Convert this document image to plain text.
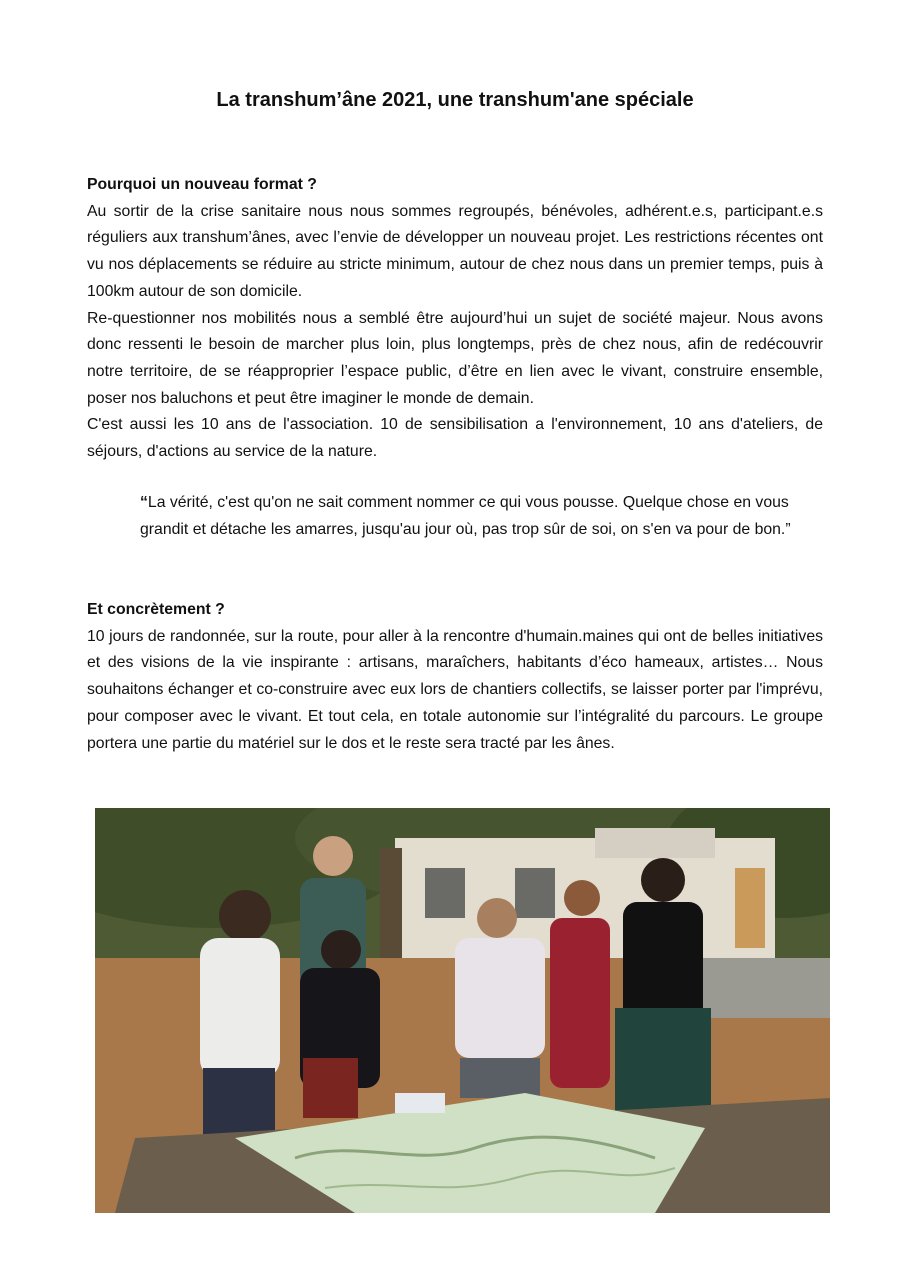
La transhum’âne 2021, une transhum'ane spéciale
Pourquoi un nouveau format ?

Au sortir de la crise sanitaire nous nous sommes regroupés, bénévoles, adhérent.e.s, participant.e.s réguliers aux transhum’ânes, avec l’envie de développer un nouveau projet. Les restrictions récentes ont vu nos déplacements se réduire au stricte minimum, autour de chez nous dans un premier temps, puis à 100km autour de son domicile.

Re-questionner nos mobilités nous a semblé être aujourd’hui un sujet de société majeur. Nous avons donc ressenti le besoin de marcher plus loin, plus longtemps, près de chez nous, afin de redécouvrir notre territoire, de se réapproprier l’espace public, d’être en lien avec le vivant, construire ensemble, poser nos baluchons et peut être imaginer le monde de demain.

C'est aussi les 10 ans de l'association. 10 de sensibilisation a l'environnement, 10 ans d'ateliers, de séjours, d'actions au service de la nature.

“La vérité, c'est qu'on ne sait comment nommer ce qui vous pousse. Quelque chose en vous grandit et détache les amarres, jusqu'au jour où, pas trop sûr de soi, on s'en va pour de bon.”
Et concrètement ?

10 jours de randonnée, sur la route, pour aller à la rencontre d'humain.maines qui ont de belles initiatives et des visions de la vie inspirante : artisans, maraîchers, habitants d’éco hameaux, artistes… Nous souhaitons échanger et co-construire avec eux lors de chantiers collectifs, se laisser porter par l'imprévu, pour composer avec le vivant. Et tout cela, en totale autonomie sur l’intégralité du parcours. Le groupe portera une partie du matériel sur le dos et le reste sera tracté par les ânes.
